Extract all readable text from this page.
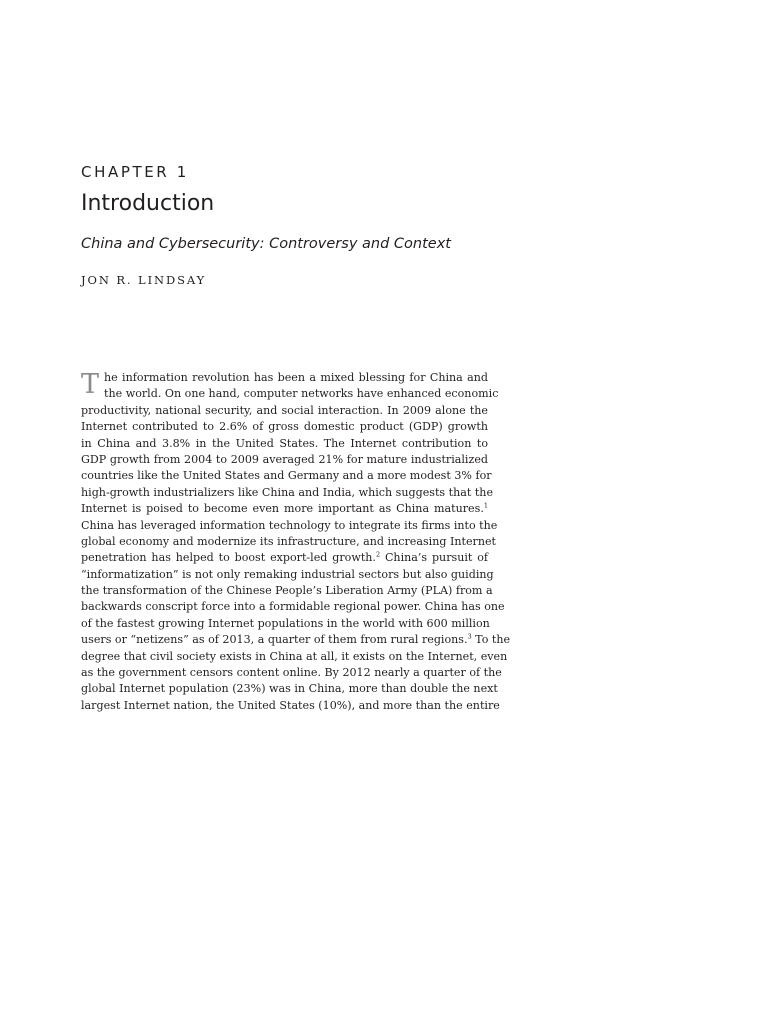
CHAPTER 1
Introduction
China and Cybersecurity: Controversy and Context
JON R. LINDSAY
T he information revolution has been a mixed blessing for China and
the world. On one hand, computer networks have enhanced economic
productivity, national security, and social interaction. In 2009 alone the
Internet contributed to 2.6% of gross domestic product (GDP) growth
in China and 3.8% in the United States. The Internet contribution to
GDP growth from 2004 to 2009 averaged 21% for mature industrialized
countries like the United States and Germany and a more modest 3% for
high-growth industrializers like China and India, which suggests that the
Internet is poised to become even more important as China matures.$^1$
China has leveraged information technology to integrate its firms into the
global economy and modernize its infrastructure, and increasing Internet
penetration has helped to boost export-led growth.$^2$ China’s pursuit of
“informatization” is not only remaking industrial sectors but also guiding
the transformation of the Chinese People’s Liberation Army (PLA) from a
backwards conscript force into a formidable regional power. China has one
of the fastest growing Internet populations in the world with 600 million
users or “netizens” as of 2013, a quarter of them from rural regions.$^3$ To the
degree that civil society exists in China at all, it exists on the Internet, even
as the government censors content online. By 2012 nearly a quarter of the
global Internet population (23%) was in China, more than double the next
largest Internet nation, the United States (10%), and more than the entire
